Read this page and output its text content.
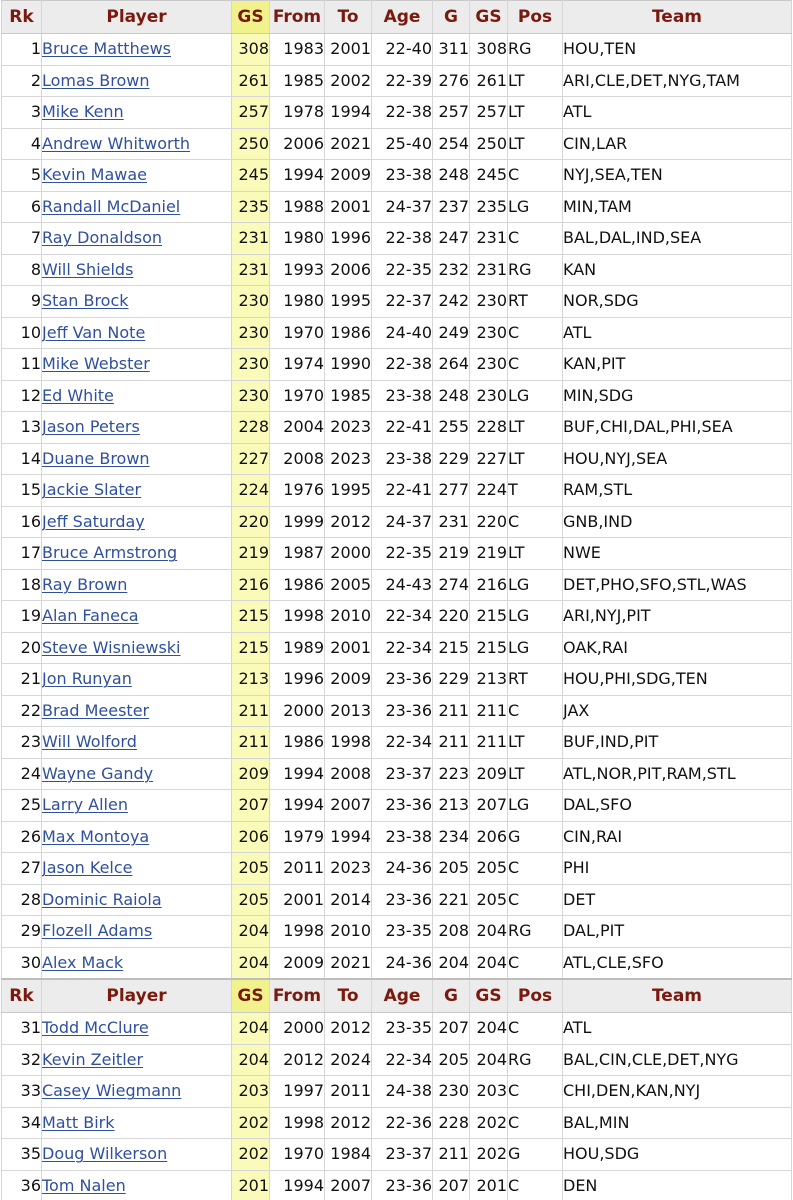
Rk	Player	GS	From	To	Age	G	GS	Pos	Team
1	Bruce Matthews	308	1983	2001	22-40	311	308	RG	HOU,TEN
2	Lomas Brown	261	1985	2002	22-39	276	261	LT	ARI,CLE,DET,NYG,TAM
3	Mike Kenn	257	1978	1994	22-38	257	257	LT	ATL
4	Andrew Whitworth	250	2006	2021	25-40	254	250	LT	CIN,LAR
5	Kevin Mawae	245	1994	2009	23-38	248	245	C	NYJ,SEA,TEN
6	Randall McDaniel	235	1988	2001	24-37	237	235	LG	MIN,TAM
7	Ray Donaldson	231	1980	1996	22-38	247	231	C	BAL,DAL,IND,SEA
8	Will Shields	231	1993	2006	22-35	232	231	RG	KAN
9	Stan Brock	230	1980	1995	22-37	242	230	RT	NOR,SDG
10	Jeff Van Note	230	1970	1986	24-40	249	230	C	ATL
11	Mike Webster	230	1974	1990	22-38	264	230	C	KAN,PIT
12	Ed White	230	1970	1985	23-38	248	230	LG	MIN,SDG
13	Jason Peters	228	2004	2023	22-41	255	228	LT	BUF,CHI,DAL,PHI,SEA
14	Duane Brown	227	2008	2023	23-38	229	227	LT	HOU,NYJ,SEA
15	Jackie Slater	224	1976	1995	22-41	277	224	T	RAM,STL
16	Jeff Saturday	220	1999	2012	24-37	231	220	C	GNB,IND
17	Bruce Armstrong	219	1987	2000	22-35	219	219	LT	NWE
18	Ray Brown	216	1986	2005	24-43	274	216	LG	DET,PHO,SFO,STL,WAS
19	Alan Faneca	215	1998	2010	22-34	220	215	LG	ARI,NYJ,PIT
20	Steve Wisniewski	215	1989	2001	22-34	215	215	LG	OAK,RAI
21	Jon Runyan	213	1996	2009	23-36	229	213	RT	HOU,PHI,SDG,TEN
22	Brad Meester	211	2000	2013	23-36	211	211	C	JAX
23	Will Wolford	211	1986	1998	22-34	211	211	LT	BUF,IND,PIT
24	Wayne Gandy	209	1994	2008	23-37	223	209	LT	ATL,NOR,PIT,RAM,STL
25	Larry Allen	207	1994	2007	23-36	213	207	LG	DAL,SFO
26	Max Montoya	206	1979	1994	23-38	234	206	G	CIN,RAI
27	Jason Kelce	205	2011	2023	24-36	205	205	C	PHI
28	Dominic Raiola	205	2001	2014	23-36	221	205	C	DET
29	Flozell Adams	204	1998	2010	23-35	208	204	RG	DAL,PIT
30	Alex Mack	204	2009	2021	24-36	204	204	C	ATL,CLE,SFO
Rk	Player	GS	From	To	Age	G	GS	Pos	Team
31	Todd McClure	204	2000	2012	23-35	207	204	C	ATL
32	Kevin Zeitler	204	2012	2024	22-34	205	204	RG	BAL,CIN,CLE,DET,NYG
33	Casey Wiegmann	203	1997	2011	24-38	230	203	C	CHI,DEN,KAN,NYJ
34	Matt Birk	202	1998	2012	22-36	228	202	C	BAL,MIN
35	Doug Wilkerson	202	1970	1984	23-37	211	202	G	HOU,SDG
36	Tom Nalen	201	1994	2007	23-36	207	201	C	DEN
